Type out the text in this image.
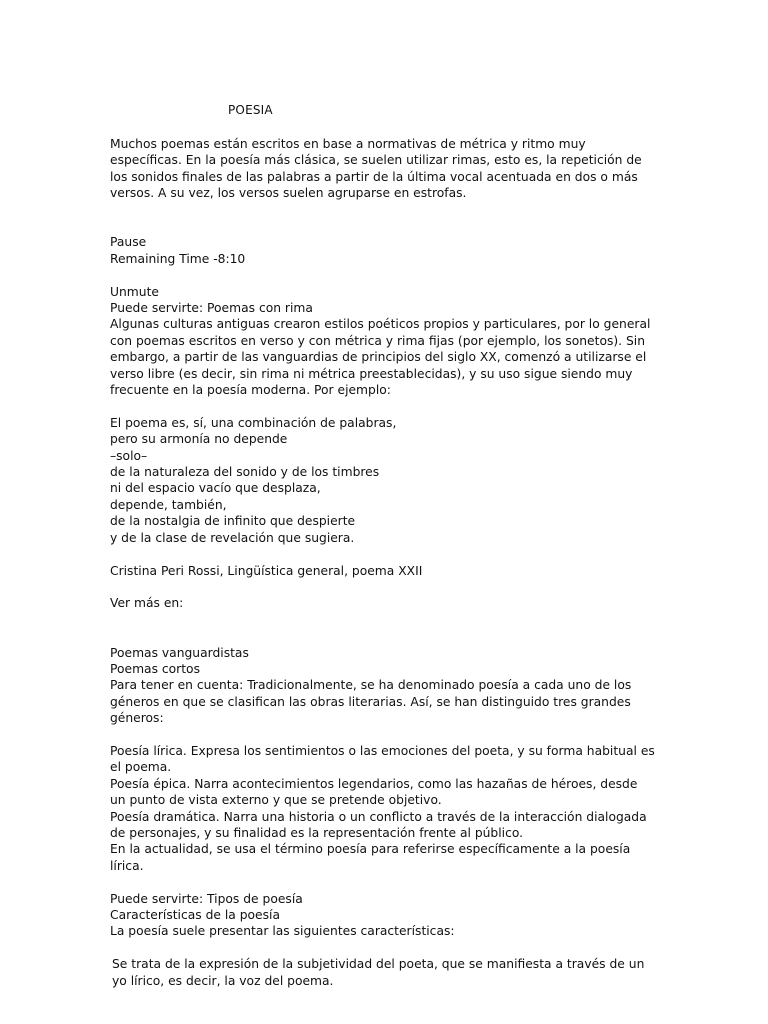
POESIA

Muchos poemas están escritos en base a normativas de métrica y ritmo muy específicas. En la poesía más clásica, se suelen utilizar rimas, esto es, la repetición de los sonidos finales de las palabras a partir de la última vocal acentuada en dos o más versos. A su vez, los versos suelen agruparse en estrofas.

Pause

Remaining Time -8:10

Unmute

Puede servirte: Poemas con rima

Algunas culturas antiguas crearon estilos poéticos propios y particulares, por lo general con poemas escritos en verso y con métrica y rima fijas (por ejemplo, los sonetos). Sin embargo, a partir de las vanguardias de principios del siglo XX, comenzó a utilizarse el verso libre (es decir, sin rima ni métrica preestablecidas), y su uso sigue siendo muy frecuente en la poesía moderna. Por ejemplo:

El poema es, sí, una combinación de palabras,

pero su armonía no depende

–solo–

de la naturaleza del sonido y de los timbres

ni del espacio vacío que desplaza,

depende, también,

de la nostalgia de infinito que despierte

y de la clase de revelación que sugiera.

Cristina Peri Rossi, Lingüística general, poema XXII

Ver más en:

Poemas vanguardistas

Poemas cortos

Para tener en cuenta: Tradicionalmente, se ha denominado poesía a cada uno de los géneros en que se clasifican las obras literarias. Así, se han distinguido tres grandes géneros:

Poesía lírica. Expresa los sentimientos o las emociones del poeta, y su forma habitual es el poema.

Poesía épica. Narra acontecimientos legendarios, como las hazañas de héroes, desde un punto de vista externo y que se pretende objetivo.

Poesía dramática. Narra una historia o un conflicto a través de la interacción dialogada de personajes, y su finalidad es la representación frente al público.

En la actualidad, se usa el término poesía para referirse específicamente a la poesía lírica.

Puede servirte: Tipos de poesía

Características de la poesía

La poesía suele presentar las siguientes características:

Se trata de la expresión de la subjetividad del poeta, que se manifiesta a través de un yo lírico, es decir, la voz del poema.
